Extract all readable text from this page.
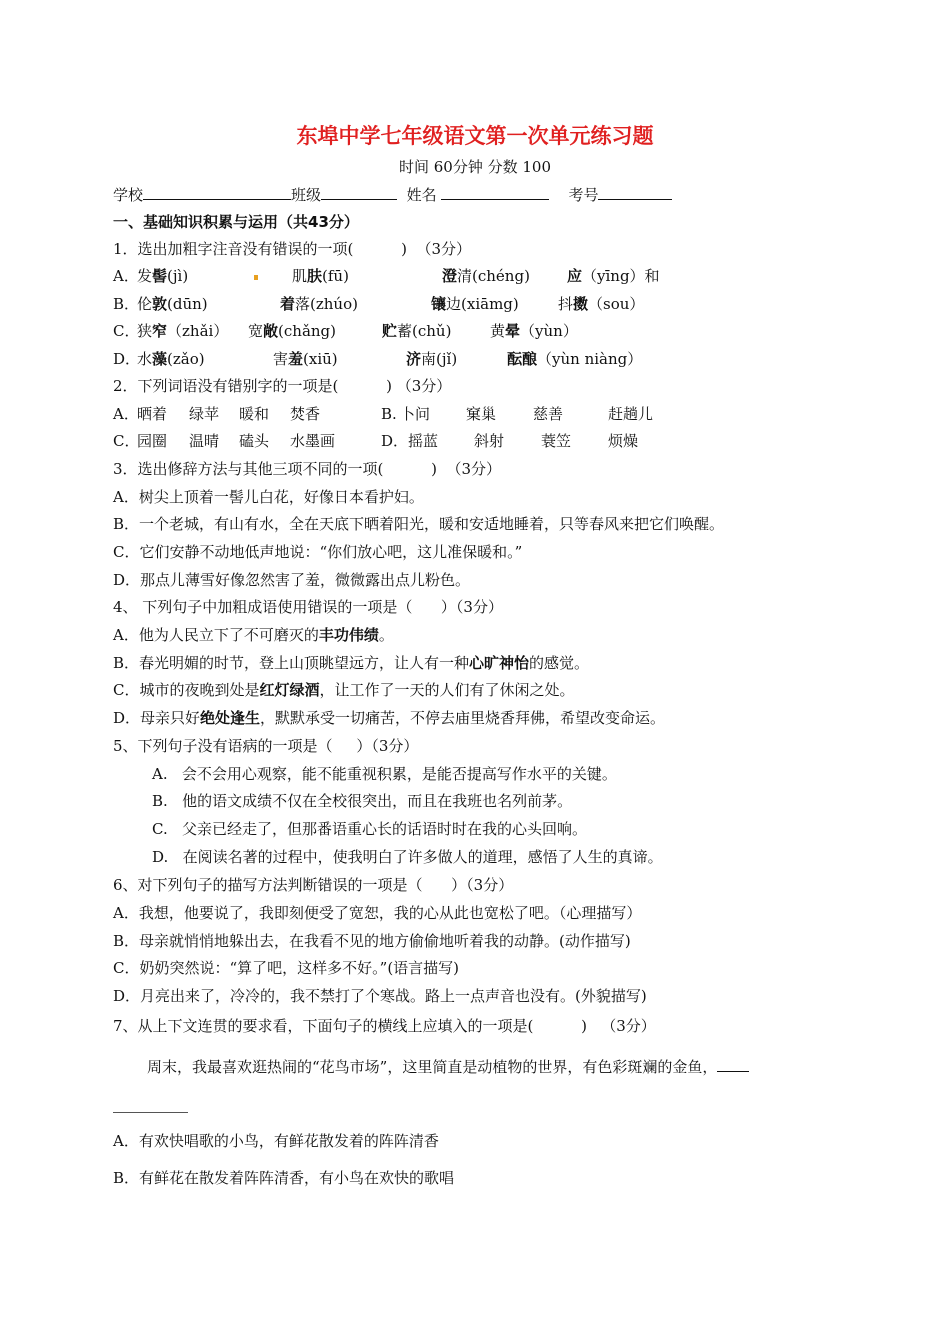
东埠中学七年级语文第一次单元练习题
时间 60分钟 分数 100
学校	班级	姓名	考号
一、基础知识积累与运用（共43分）
1．选出加粗字注音没有错误的一项(          )  （3分）
A．
发髻(jì)	肌肤(fū)	澄清(chéng) 应（yīng）和
B．
伦敦(dūn)	着落(zhúo)	镶边(xiāmg)	抖擞（sou）
C．
狭窄（zhǎi） 宽敞(chǎng)	贮蓄(chǔ)	黄晕（yùn）
D．
水藻(zǎo)	害羞(xiū)	济南(jǐ)	酝酿（yùn niàng）
2．下列词语没有错别字的一项是(          ) （3分）
A．
晒着 绿苹 暖和 焚香	B. 卜问 窠巢 慈善	赶趟儿
C．
园圈 温晴 磕头 水墨画	D． 摇蓝 斜射 蓑笠 烦燥
3．选出修辞方法与其他三项不同的一项(          )  （3分）
A．树尖上顶着一髻儿白花，好像日本看护妇。
B．一个老城，有山有水，全在天底下晒着阳光，暖和安适地睡着，只等春风来把它们唤醒。
C．它们安静不动地低声地说：“你们放心吧，这儿准保暖和。”
D．那点儿薄雪好像忽然害了羞，微微露出点儿粉色。
4、 下列句子中加粗成语使用错误的一项是（      ）（3分）
A．他为人民立下了不可磨灭的丰功伟绩。
B．春光明媚的时节，登上山顶眺望远方，让人有一种心旷神怡的感觉。
C．城市的夜晚到处是红灯绿酒，让工作了一天的人们有了休闲之处。
D．母亲只好绝处逢生，默默承受一切痛苦，不停去庙里烧香拜佛，希望改变命运。
5、下列句子没有语病的一项是（     ）（3分）
A.   会不会用心观察，能不能重视积累，是能否提高写作水平的关键。
B.   他的语文成绩不仅在全校很突出，而且在我班也名列前茅。
C.   父亲已经走了，但那番语重心长的话语时时在我的心头回响。
D.   在阅读名著的过程中，使我明白了许多做人的道理，感悟了人生的真谛。
6、对下列句子的描写方法判断错误的一项是（      ）（3分）
A．我想，他要说了，我即刻便受了宽恕，我的心从此也宽松了吧。（心理描写）
B．母亲就悄悄地躲出去，在我看不见的地方偷偷地听着我的动静。(动作描写)
C．奶奶突然说：“算了吧，这样多不好。”(语言描写)
D．月亮出来了，冷冷的，我不禁打了个寒战。路上一点声音也没有。(外貌描写)
7、从上下文连贯的要求看，下面句子的横线上应填入的一项是(          )   （3分）
周末，我最喜欢逛热闹的“花鸟市场”，这里简直是动植物的世界，有色彩斑斓的金鱼，
A．有欢快唱歌的小鸟，有鲜花散发着的阵阵清香
B．有鲜花在散发着阵阵清香，有小鸟在欢快的歌唱
